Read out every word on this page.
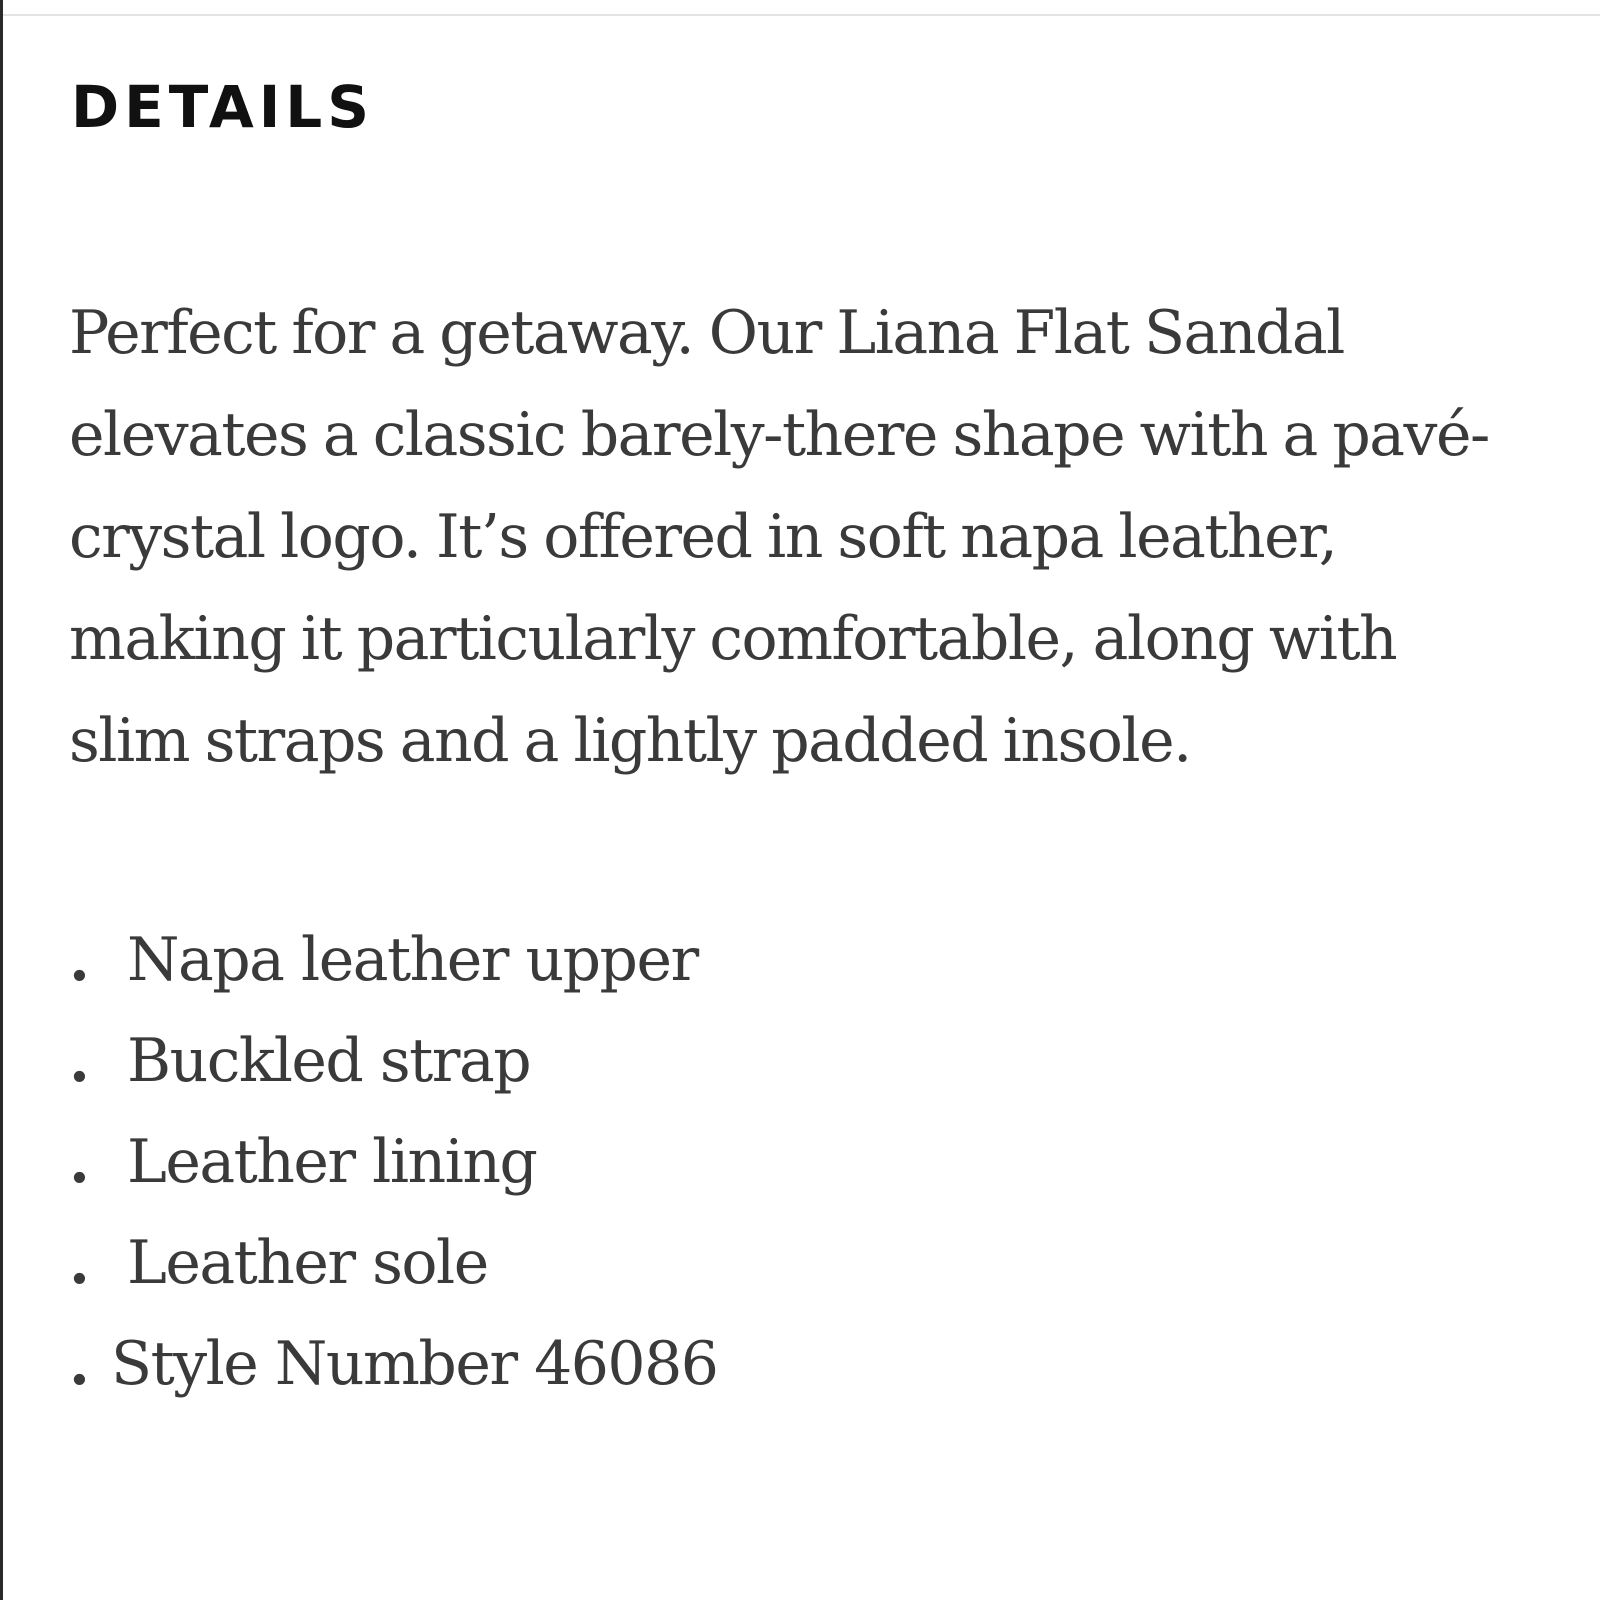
DETAILS

Perfect for a getaway. Our Liana Flat Sandal elevates a classic barely-there shape with a pavé-crystal logo. It’s offered in soft napa leather, making it particularly comfortable, along with slim straps and a lightly padded insole.

. Napa leather upper
. Buckled strap
. Leather lining
. Leather sole
. Style Number 46086
